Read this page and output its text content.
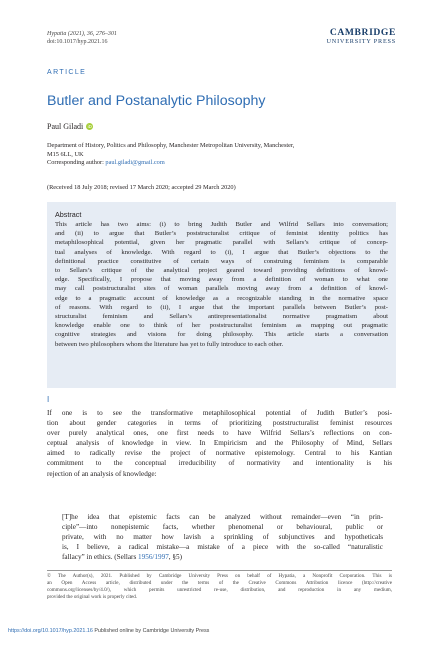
Hypatia (2021), 36, 276–301
doi:10.1017/hyp.2021.16
CAMBRIDGE
UNIVERSITY PRESS
ARTICLE
Butler and Postanalytic Philosophy
Paul Giladi iD
Department of History, Politics and Philosophy, Manchester Metropolitan University, Manchester,
M15 6LL, UK
Corresponding author: paul.giladi@gmail.com
(Received 18 July 2018; revised 17 March 2020; accepted 29 March 2020)
Abstract

This article has two aims: (i) to bring Judith Butler and Wilfrid Sellars into conversation;
and (ii) to argue that Butler’s poststructuralist critique of feminist identity politics has
metaphilosophical potential, given her pragmatic parallel with Sellars’s critique of concep-
tual analyses of knowledge. With regard to (i), I argue that Butler’s objections to the
definitional practice constitutive of certain ways of construing feminism is comparable
to Sellars’s critique of the analytical project geared toward providing definitions of knowl-
edge. Specifically, I propose that moving away from a definition of woman to what one
may call poststructuralist sites of woman parallels moving away from a definition of knowl-
edge to a pragmatic account of knowledge as a recognizable standing in the normative space
of reasons. With regard to (ii), I argue that the important parallels between Butler’s post-
structuralist feminism and Sellars’s antirepresentationalist normative pragmatism about
knowledge enable one to think of her poststructuralist feminism as mapping out pragmatic
cognitive strategies and visions for doing philosophy. This article starts a conversation
between two philosophers whom the literature has yet to fully introduce to each other.

I
If one is to see the transformative metaphilosophical potential of Judith Butler’s posi-
tion about gender categories in terms of prioritizing poststructuralist feminist resources
over purely analytical ones, one first needs to have Wilfrid Sellars’s reflections on con-
ceptual analysis of knowledge in view. In Empiricism and the Philosophy of Mind, Sellars
aimed to radically revise the project of normative epistemology. Central to his Kantian
commitment to the conceptual irreducibility of normativity and intentionality is his
rejection of an analysis of knowledge:
[T]he idea that epistemic facts can be analyzed without remainder—even “in prin-
ciple”—into nonepistemic facts, whether phenomenal or behavioural, public or
private, with no matter how lavish a sprinkling of subjunctives and hypotheticals
is, I believe, a radical mistake—a mistake of a piece with the so-called “naturalistic
fallacy” in ethics. (Sellars 1956/1997, §5)
© The Author(s), 2021. Published by Cambridge University Press on behalf of Hypatia, a Nonprofit Corporation. This is
an Open Access article, distributed under the terms of the Creative Commons Attribution licence (http://creative
commons.org/licenses/by/4.0/), which permits unrestricted re-use, distribution, and reproduction in any medium,
provided the original work is properly cited.
https://doi.org/10.1017/hyp.2021.16 Published online by Cambridge University Press
